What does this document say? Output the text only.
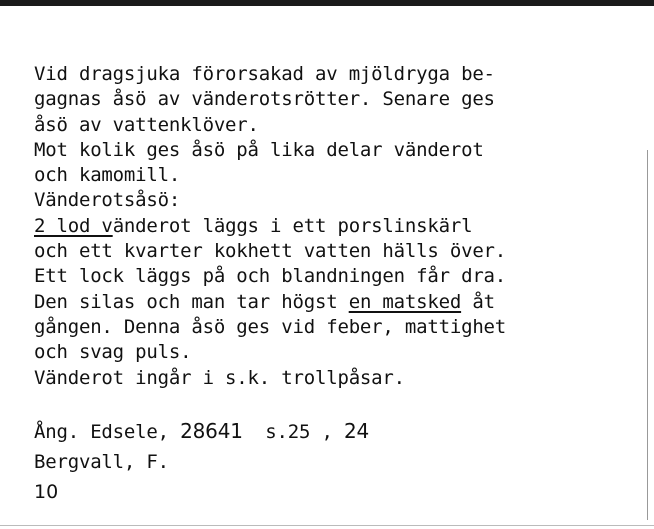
Vid dragsjuka förorsakad av mjöldryga be-
gagnas åsö av vänderotsrötter. Senare ges
åsö av vattenklöver.
Mot kolik ges åsö på lika delar vänderot
och kamomill.
Vänderotsåsö:
2 lod vänderot läggs i ett porslinskärl
och ett kvarter kokhett vatten hälls över.
Ett lock läggs på och blandningen får dra.
Den silas och man tar högst en matsked åt
gången. Denna åsö ges vid feber, mattighet
och svag puls.
Vänderot ingår i s.k. trollpåsar.
Ång. Edsele, 28641 s.25 , 24
Bergvall, F.
10
